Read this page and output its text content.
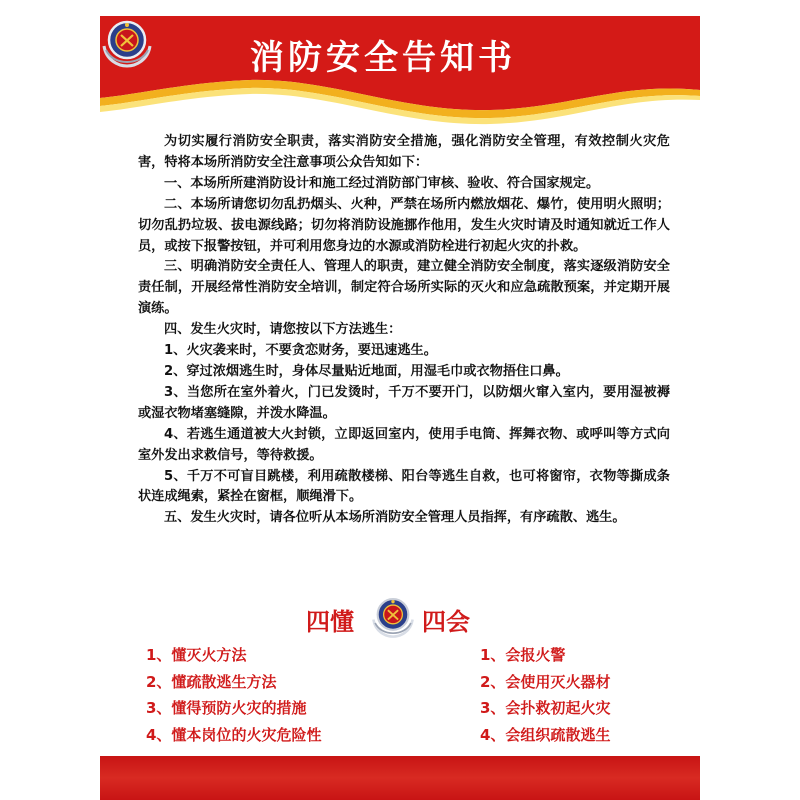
消防安全告知书

为切实履行消防安全职责，落实消防安全措施，强化消防安全管理，有效控制火灾危害，特将本场所消防安全注意事项公众告知如下：

一、本场所所建消防设计和施工经过消防部门审核、验收、符合国家规定。

二、本场所请您切勿乱扔烟头、火种，严禁在场所内燃放烟花、爆竹，使用明火照明；切勿乱扔垃圾、拔电源线路；切勿将消防设施挪作他用，发生火灾时请及时通知就近工作人员，或按下报警按钮，并可利用您身边的水源或消防栓进行初起火灾的扑救。

三、明确消防安全责任人、管理人的职责，建立健全消防安全制度，落实逐级消防安全责任制，开展经常性消防安全培训，制定符合场所实际的灭火和应急疏散预案，并定期开展演练。

四、发生火灾时，请您按以下方法逃生：

1、火灾袭来时，不要贪恋财务，要迅速逃生。

2、穿过浓烟逃生时，身体尽量贴近地面，用湿毛巾或衣物捂住口鼻。

3、当您所在室外着火，门已发烫时，千万不要开门，以防烟火窜入室内，要用湿被褥或湿衣物堵塞缝隙，并泼水降温。

4、若逃生通道被大火封锁，立即返回室内，使用手电筒、挥舞衣物、或呼叫等方式向室外发出求救信号，等待救援。

5、千万不可盲目跳楼，利用疏散楼梯、阳台等逃生自救，也可将窗帘，衣物等撕成条状连成绳索，紧拴在窗框，顺绳滑下。

五、发生火灾时，请各位听从本场所消防安全管理人员指挥，有序疏散、逃生。

四懂	四会
1、懂灭火方法
2、懂疏散逃生方法
3、懂得预防火灾的措施
4、懂本岗位的火灾危险性
1、会报火警
2、会使用灭火器材
3、会扑救初起火灾
4、会组织疏散逃生
